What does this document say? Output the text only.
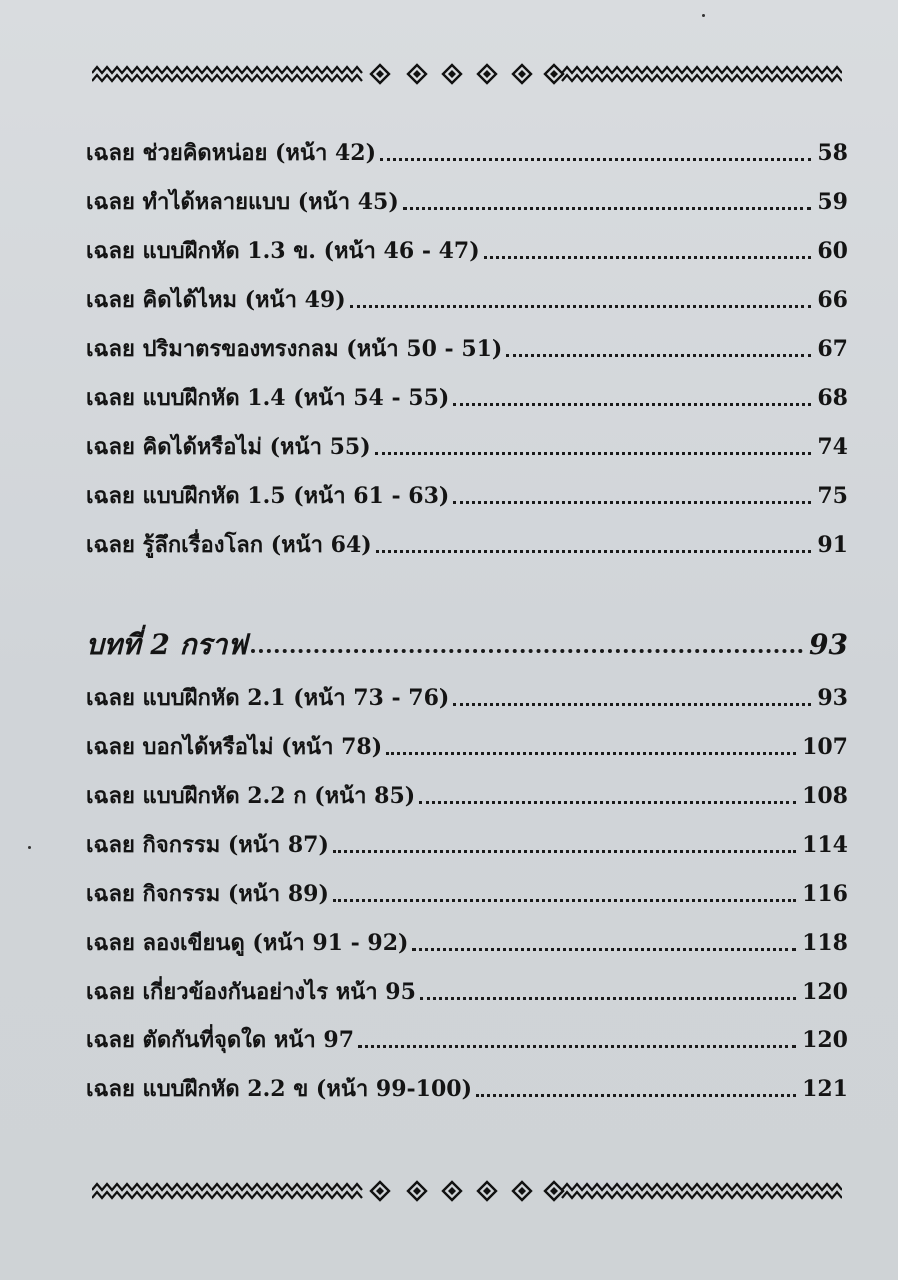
เฉลย ช่วยคิดหน่อย (หน้า 42)	58
เฉลย ทำได้หลายแบบ (หน้า 45)	59
เฉลย แบบฝึกหัด 1.3 ข. (หน้า 46 - 47)	60
เฉลย คิดได้ไหม (หน้า 49)	66
เฉลย ปริมาตรของทรงกลม (หน้า 50 - 51)	67
เฉลย แบบฝึกหัด 1.4 (หน้า 54 - 55)	68
เฉลย คิดได้หรือไม่ (หน้า 55)	74
เฉลย แบบฝึกหัด 1.5 (หน้า 61 - 63)	75
เฉลย รู้ลึกเรื่องโลก (หน้า 64)	91
บทที่ 2 กราฟ	93
เฉลย แบบฝึกหัด 2.1 (หน้า 73 - 76)	93
เฉลย บอกได้หรือไม่ (หน้า 78)	107
เฉลย แบบฝึกหัด 2.2 ก (หน้า 85)	108
เฉลย กิจกรรม (หน้า 87)	114
เฉลย กิจกรรม (หน้า 89)	116
เฉลย ลองเขียนดู (หน้า 91 - 92)	118
เฉลย เกี่ยวข้องกันอย่างไร หน้า 95	120
เฉลย ตัดกันที่จุดใด หน้า 97	120
เฉลย แบบฝึกหัด 2.2 ข (หน้า 99-100)	121
